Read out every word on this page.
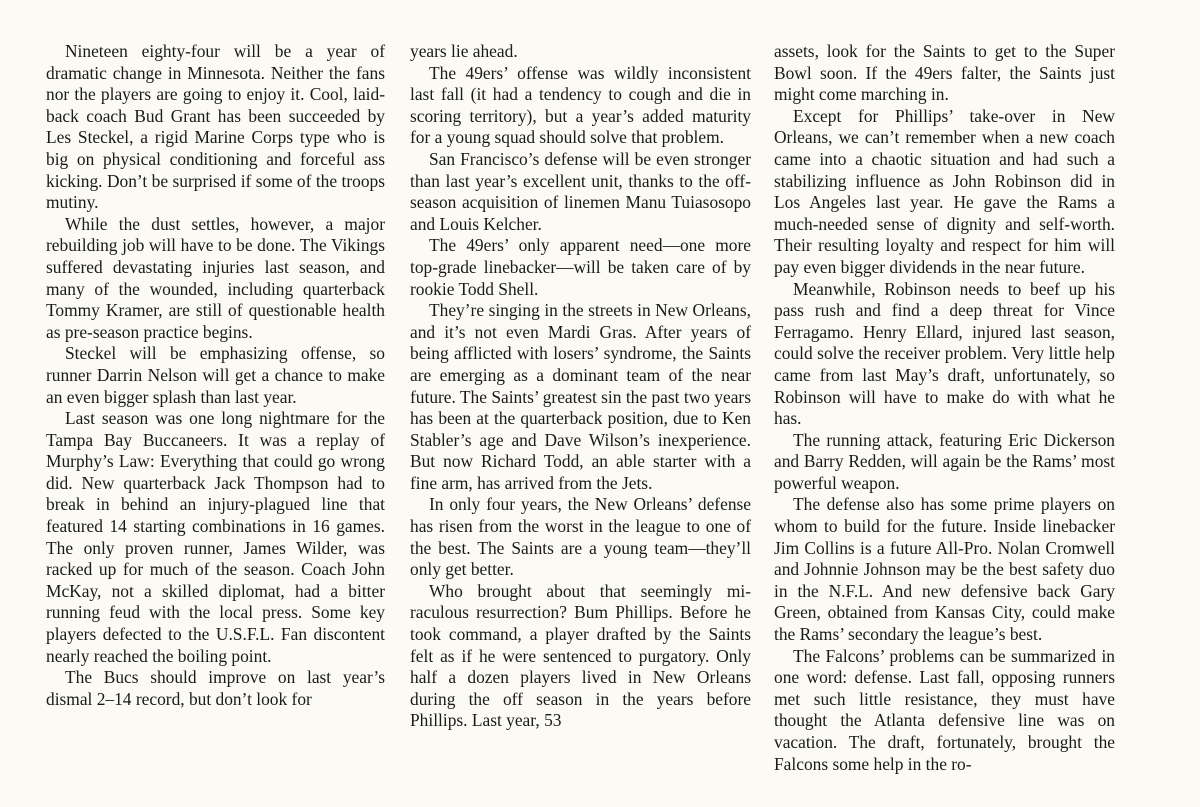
Nineteen eighty-four will be a year of dramatic change in Minnesota. Neither the fans nor the players are going to enjoy it. Cool, laid-back coach Bud Grant has been succeeded by Les Steckel, a rigid Marine Corps type who is big on physical conditioning and forceful ass kicking. Don’t be surprised if some of the troops mutiny.

While the dust settles, however, a major rebuilding job will have to be done. The Vikings suffered devastating injuries last season, and many of the wounded, including quarterback Tommy Kramer, are still of questionable health as pre-season practice begins.

Steckel will be emphasizing offense, so runner Darrin Nelson will get a chance to make an even bigger splash than last year.

Last season was one long nightmare for the Tampa Bay Buccaneers. It was a replay of Murphy’s Law: Everything that could go wrong did. New quarterback Jack Thompson had to break in behind an injury-plagued line that featured 14 starting combinations in 16 games. The only proven runner, James Wilder, was racked up for much of the season. Coach John McKay, not a skilled diplomat, had a bitter running feud with the local press. Some key players defected to the U.S.F.L. Fan discontent nearly reached the boiling point.

The Bucs should improve on last year’s dismal 2–14 record, but don’t look for

years lie ahead.

The 49ers’ offense was wildly inconsistent last fall (it had a tendency to cough and die in scoring territory), but a year’s added maturity for a young squad should solve that problem.

San Francisco’s defense will be even stronger than last year’s excellent unit, thanks to the off-season acquisition of linemen Manu Tuiasosopo and Louis Kelcher.

The 49ers’ only apparent need—one more top-grade linebacker—will be taken care of by rookie Todd Shell.

They’re singing in the streets in New Orleans, and it’s not even Mardi Gras. After years of being afflicted with losers’ syndrome, the Saints are emerging as a dominant team of the near future. The Saints’ greatest sin the past two years has been at the quarterback position, due to Ken Stabler’s age and Dave Wilson’s inexperience. But now Richard Todd, an able starter with a fine arm, has arrived from the Jets.

In only four years, the New Orleans’ defense has risen from the worst in the league to one of the best. The Saints are a young team—they’ll only get better.

Who brought about that seemingly miraculous resurrection? Bum Phillips. Before he took command, a player drafted by the Saints felt as if he were sentenced to purgatory. Only half a dozen players lived in New Orleans during the off season in the years before Phillips. Last year, 53

assets, look for the Saints to get to the Super Bowl soon. If the 49ers falter, the Saints just might come marching in.

Except for Phillips’ take-over in New Orleans, we can’t remember when a new coach came into a chaotic situation and had such a stabilizing influence as John Robinson did in Los Angeles last year. He gave the Rams a much-needed sense of dignity and self-worth. Their resulting loyalty and respect for him will pay even bigger dividends in the near future.

Meanwhile, Robinson needs to beef up his pass rush and find a deep threat for Vince Ferragamo. Henry Ellard, injured last season, could solve the receiver problem. Very little help came from last May’s draft, unfortunately, so Robinson will have to make do with what he has.

The running attack, featuring Eric Dickerson and Barry Redden, will again be the Rams’ most powerful weapon.

The defense also has some prime players on whom to build for the future. Inside linebacker Jim Collins is a future All-Pro. Nolan Cromwell and Johnnie Johnson may be the best safety duo in the N.F.L. And new defensive back Gary Green, obtained from Kansas City, could make the Rams’ secondary the league’s best.

The Falcons’ problems can be summarized in one word: defense. Last fall, opposing runners met such little resistance, they must have thought the Atlanta defensive line was on vacation. The draft, fortunately, brought the Falcons some help in the ro-
